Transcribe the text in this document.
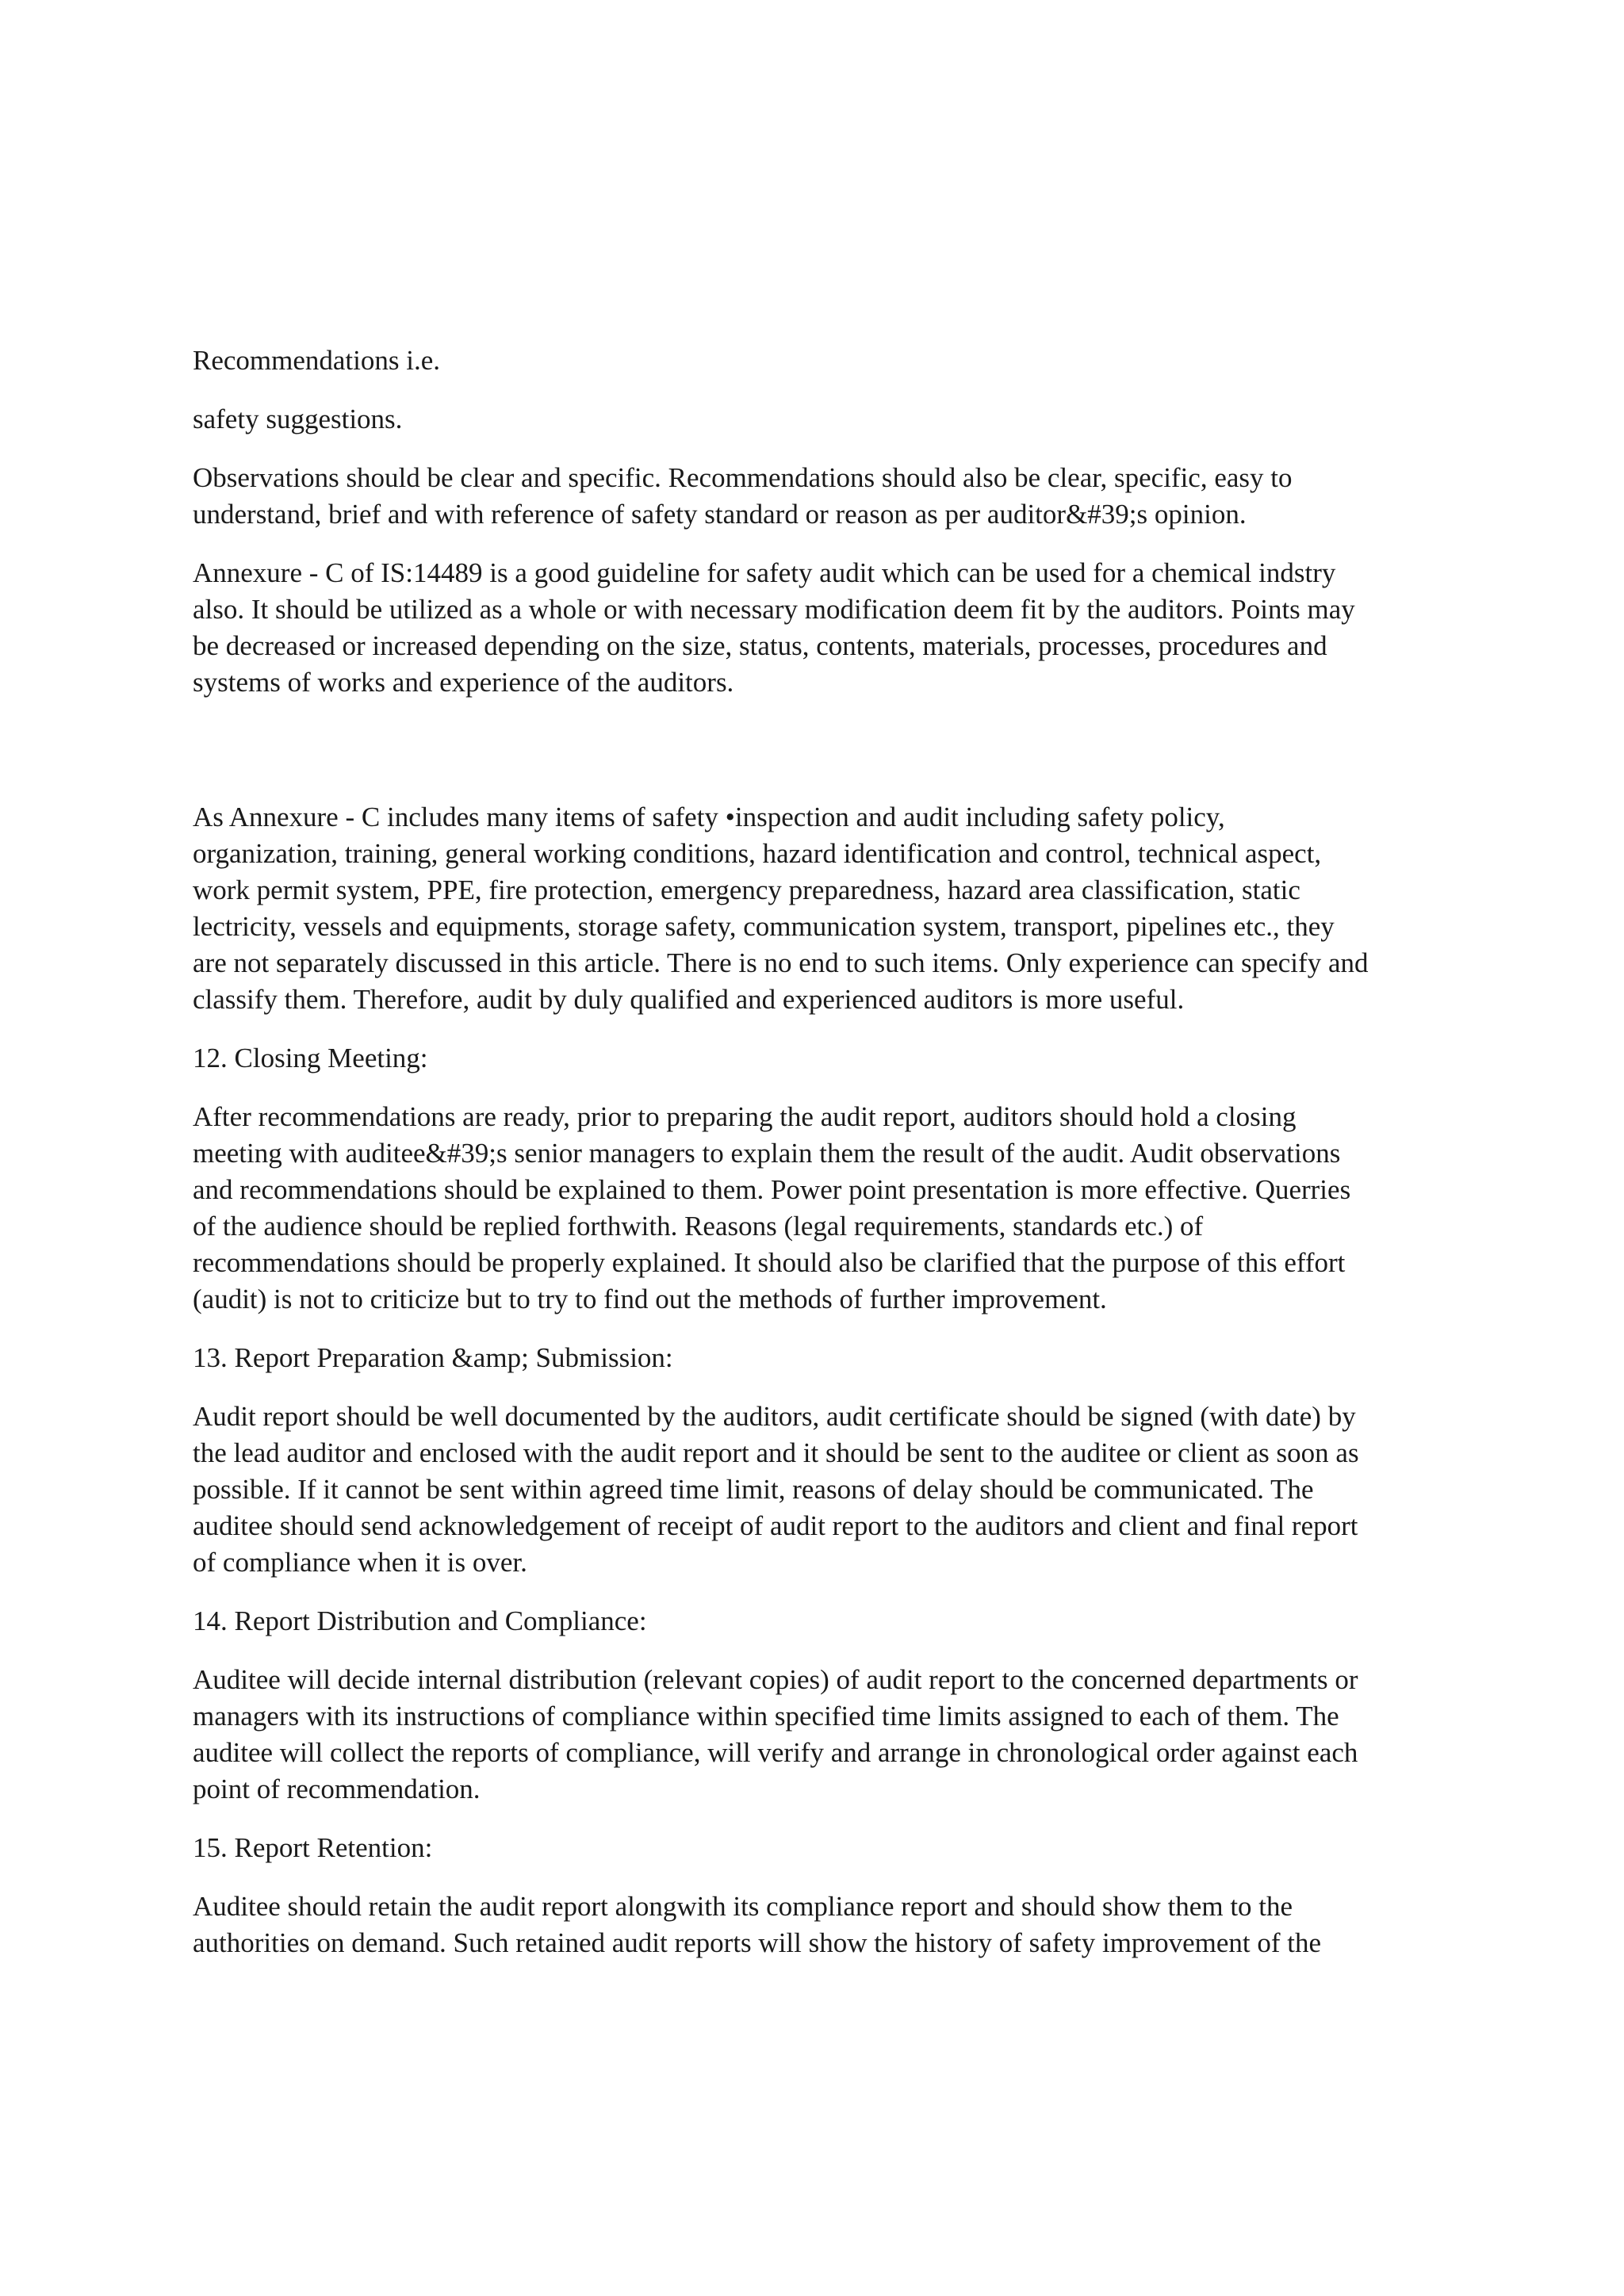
Recommendations i.e.

safety suggestions.

Observations should be clear and specific. Recommendations should also be clear, specific, easy to
understand, brief and with reference of safety standard or reason as per auditor&#39;s opinion.

Annexure - C of IS:14489 is a good guideline for safety audit which can be used for a chemical indstry
also. It should be utilized as a whole or with necessary modification deem fit by the auditors. Points may
be decreased or increased depending on the size, status, contents, materials, processes, procedures and
systems of works and experience of the auditors.

As Annexure - C includes many items of safety •inspection and audit including safety policy,
organization, training, general working conditions, hazard identification and control, technical aspect,
work permit system, PPE, fire protection, emergency preparedness, hazard area classification, static
lectricity, vessels and equipments, storage safety, communication system, transport, pipelines etc., they
are not separately discussed in this article. There is no end to such items. Only experience can specify and
classify them. Therefore, audit by duly qualified and experienced auditors is more useful.

12. Closing Meeting:

After recommendations are ready, prior to preparing the audit report, auditors should hold a closing
meeting with auditee&#39;s senior managers to explain them the result of the audit. Audit observations
and recommendations should be explained to them. Power point presentation is more effective. Querries
of the audience should be replied forthwith. Reasons (legal requirements, standards etc.) of
recommendations should be properly explained. It should also be clarified that the purpose of this effort
(audit) is not to criticize but to try to find out the methods of further improvement.

13. Report Preparation &amp; Submission:

Audit report should be well documented by the auditors, audit certificate should be signed (with date) by
the lead auditor and enclosed with the audit report and it should be sent to the auditee or client as soon as
possible. If it cannot be sent within agreed time limit, reasons of delay should be communicated. The
auditee should send acknowledgement of receipt of audit report to the auditors and client and final report
of compliance when it is over.

14. Report Distribution and Compliance:

Auditee will decide internal distribution (relevant copies) of audit report to the concerned departments or
managers with its instructions of compliance within specified time limits assigned to each of them. The
auditee will collect the reports of compliance, will verify and arrange in chronological order against each
point of recommendation.

15. Report Retention:

Auditee should retain the audit report alongwith its compliance report and should show them to the
authorities on demand. Such retained audit reports will show the history of safety improvement of the
